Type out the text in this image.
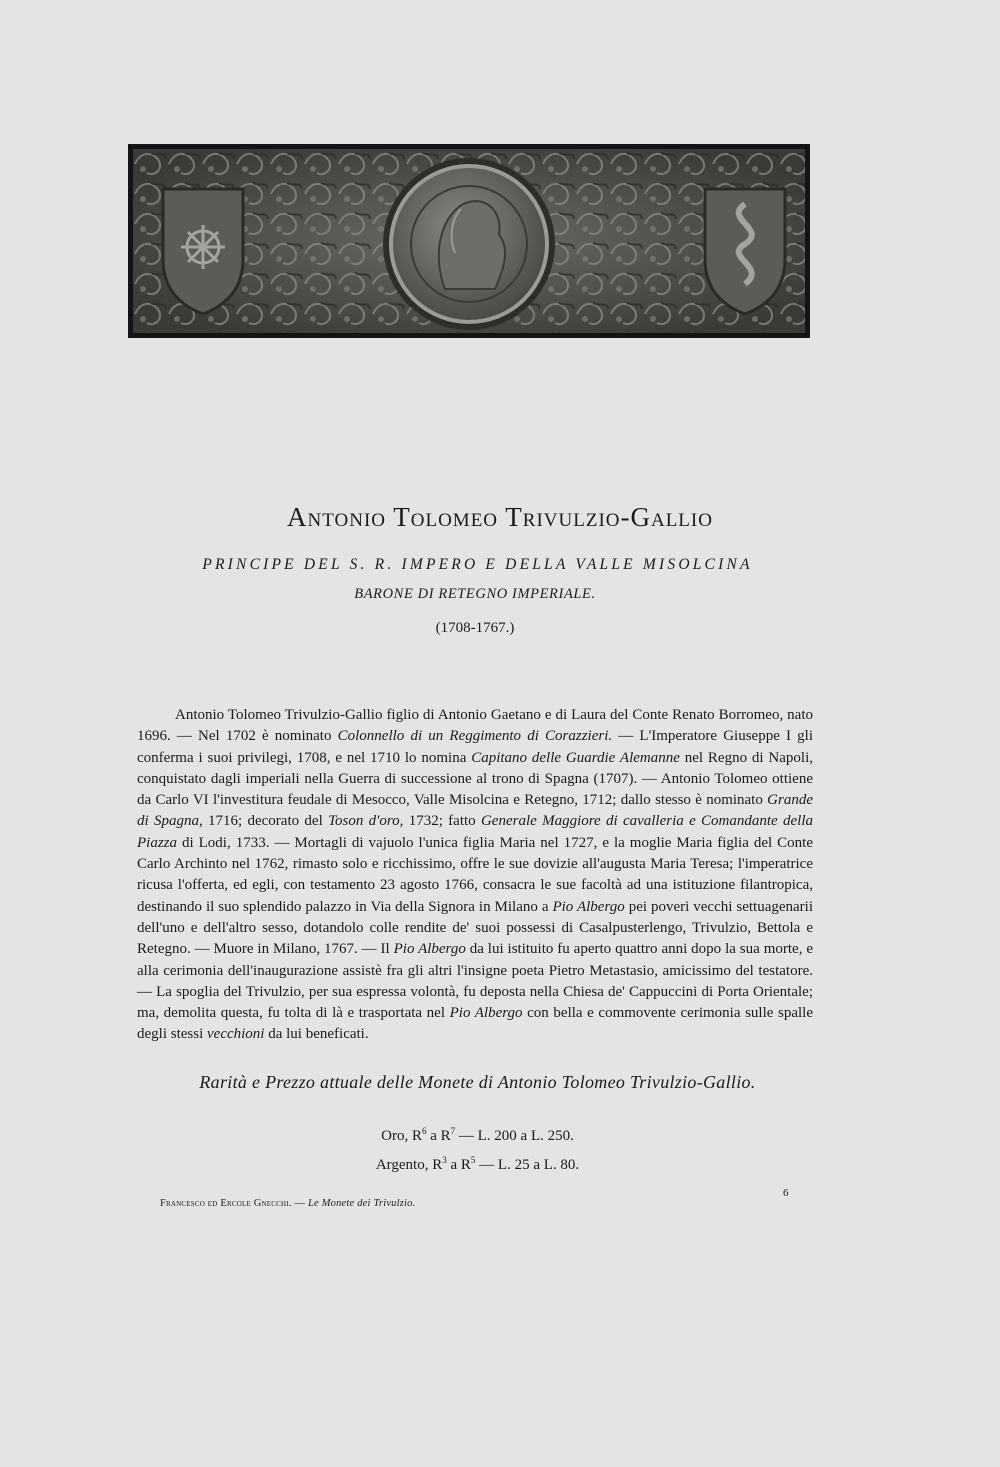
Antonio Tolomeo Trivulzio-Gallio
PRINCIPE DEL S. R. IMPERO E DELLA VALLE MISOLCINA
BARONE DI RETEGNO IMPERIALE.
(1708-1767.)

Antonio Tolomeo Trivulzio-Gallio figlio di Antonio Gaetano e di Laura del Conte Renato Borromeo, nato 1696. — Nel 1702 è nominato Colonnello di un Reggimento di Corazzieri. — L'Imperatore Giuseppe I gli conferma i suoi privilegi, 1708, e nel 1710 lo nomina Capitano delle Guardie Alemanne nel Regno di Napoli, conquistato dagli imperiali nella Guerra di successione al trono di Spagna (1707). — Antonio Tolomeo ottiene da Carlo VI l'investitura feudale di Mesocco, Valle Misolcina e Retegno, 1712; dallo stesso è nominato Grande di Spagna, 1716; decorato del Toson d'oro, 1732; fatto Generale Maggiore di cavalleria e Comandante della Piazza di Lodi, 1733. — Mortagli di vajuolo l'unica figlia Maria nel 1727, e la moglie Maria figlia del Conte Carlo Archinto nel 1762, rimasto solo e ricchissimo, offre le sue dovizie all'augusta Maria Teresa; l'imperatrice ricusa l'offerta, ed egli, con testamento 23 agosto 1766, consacra le sue facoltà ad una istituzione filantropica, destinando il suo splendido palazzo in Via della Signora in Milano a Pio Albergo pei poveri vecchi settuagenarii dell'uno e dell'altro sesso, dotandolo colle rendite de' suoi possessi di Casalpusterlengo, Trivulzio, Bettola e Retegno. — Muore in Milano, 1767. — Il Pio Albergo da lui istituito fu aperto quattro anni dopo la sua morte, e alla cerimonia dell'inaugurazione assistè fra gli altri l'insigne poeta Pietro Metastasio, amicissimo del testatore. — La spoglia del Trivulzio, per sua espressa volontà, fu deposta nella Chiesa de' Cappuccini di Porta Orientale; ma, demolita questa, fu tolta di là e trasportata nel Pio Albergo con bella e commovente cerimonia sulle spalle degli stessi vecchioni da lui beneficati.

Rarità e Prezzo attuale delle Monete di Antonio Tolomeo Trivulzio-Gallio.
Oro, $R^6$ a $R^7$ — L. 200 a L. 250.
Argento, $R^3$ a $R^5$ — L. 25 a L. 80.
Francesco ed Ercole Gnecchi. — Le Monete dei Trivulzio.
6
